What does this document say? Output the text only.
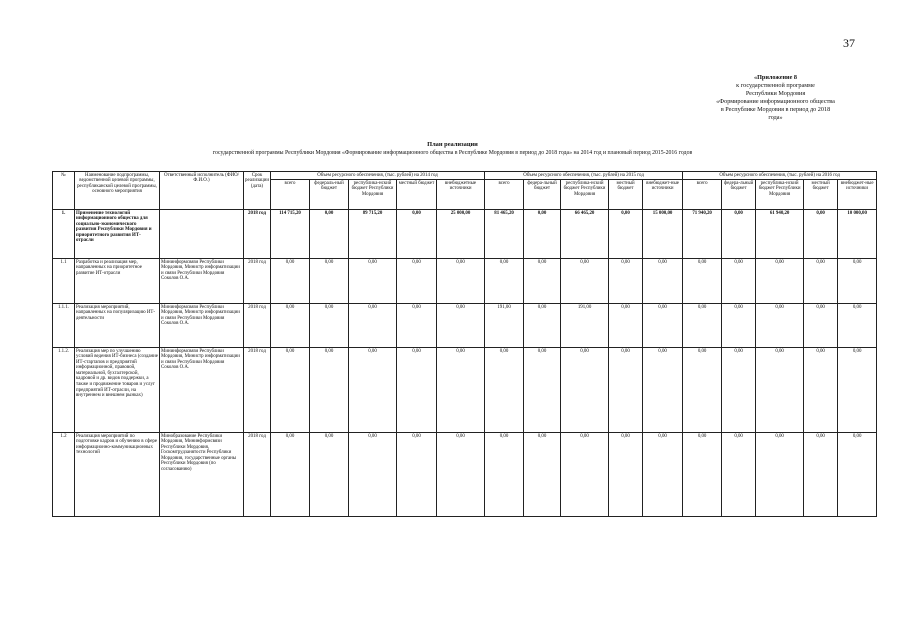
37
«Приложение 8
к государственной программе
Республики Мордовия
«Формирование информационного общества
в Республике Мордовия в период до 2018
года»
План реализации
государственной программы Республики Мордовия «Формирование информационного общества в Республике Мордовия в период до 2018 года» на 2014 год и плановый период 2015-2016 годов
№	Наименование подпрограммы, ведомственной целевой программы, республиканской целевой программы, основного мероприятия	Ответственный исполнитель (ФИО/Ф.И.О.)	Срок реализации (дата)	Объем ресурсного обеспечения, (тыс. рублей) на 2014 год					Объем ресурсного обеспечения, (тыс. рублей) на 2015 год					Объем ресурсного обеспечения, (тыс. рублей) на 2016 год				
				всего	федераль-ный бюджет	республика-нский бюджет Республики Мордовия	местный бюджет	внебюджетные источники	всего	федера-льный бюджет	республика-нский бюджет Республики Мордовия	местный бюджет	внебюджет-ные источники	всего	федера-льный бюджет	республика-нский бюджет Республики Мордовия	местный бюджет	внебюджет-ные источники
1.	Применение технологий информационного общества для социально-экономического развития Республики Мордовия и приоритетного развития ИТ-отрасли		2018 год	114 715,20	0,00	89 715,20	0,00	25 000,00	81 465,20	0,00	66 465,20	0,00	15 000,00	71 940,20	0,00	61 940,20	0,00	10 000,00
1.1	Разработка и реализация мер, направленных на приоритетное развитие ИТ-отрасли	Мининформсвязи Республики Мордовия, Министр информатизации и связи Республики Мордовия Соколов О.А.	2018 год	0,00	0,00	0,00	0,00	0,00	0,00	0,00	0,00	0,00	0,00	0,00	0,00	0,00	0,00	0,00
1.1.1.	Реализация мероприятий, направленных на популяризацию ИТ-деятельности	Мининформсвязи Республики Мордовия, Министр информатизации и связи Республики Мордовия Соколов О.А.	2018 год	0,00	0,00	0,00	0,00	0,00	191,00	0,00	191,00	0,00	0,00	0,00	0,00	0,00	0,00	0,00
1.1.2.	Реализация мер по улучшению условий ведения ИТ-бизнеса (создание ИТ-стартапов и предприятий информационной, правовой, материальной, бухгалтерской, кадровой и др. видов поддержки, а также и продвижение товаров и услуг предприятий ИТ-отрасли, на внутреннем и внешнем рынках)	Мининформсвязи Республики Мордовия, Министр информатизации и связи Республики Мордовия Соколов О.А.	2018 год	0,00	0,00	0,00	0,00	0,00	0,00	0,00	0,00	0,00	0,00	0,00	0,00	0,00	0,00	0,00
1.2	Реализация мероприятий по подготовке кадров и обучению в сфере информационно-коммуникационных технологий	Минобразование Республики Мордовия, Мининформсвязи Республики Мордовия, Госкомтрудзанятости Республики Мордовия, государственные органы Республики Мордовия (по согласованию)	2018 год	0,00	0,00	0,00	0,00	0,00	0,00	0,00	0,00	0,00	0,00	0,00	0,00	0,00	0,00	0,00
